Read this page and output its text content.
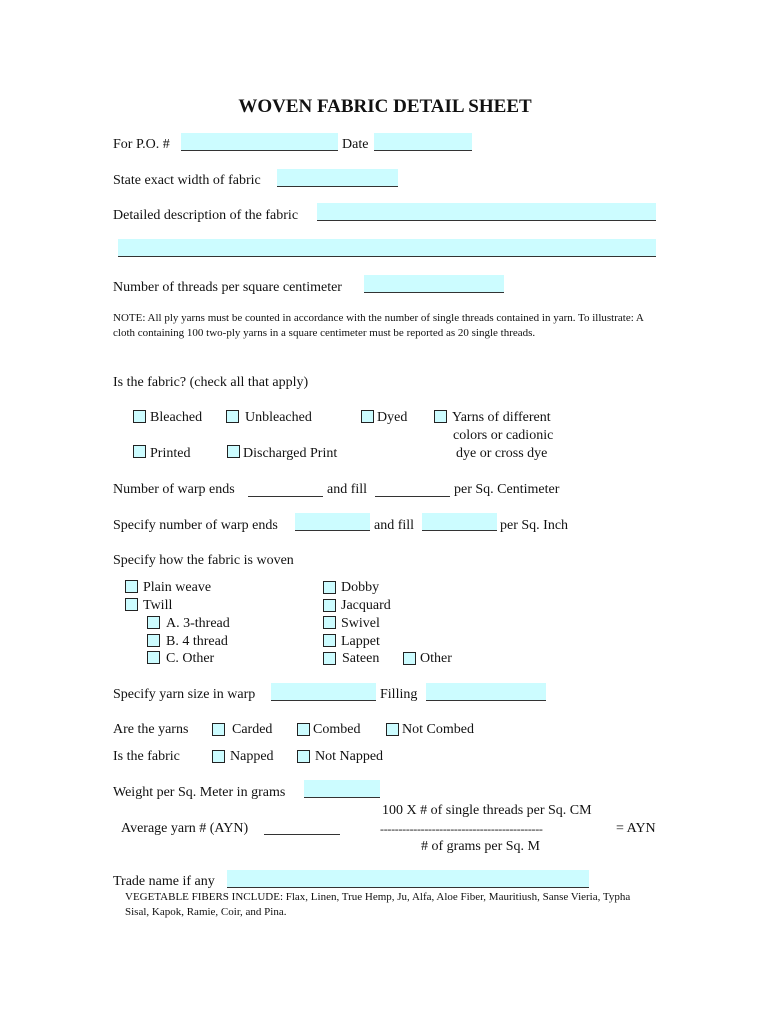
WOVEN FABRIC DETAIL SHEET
For P.O. #	Date
State exact width of fabric
Detailed description of the fabric
Number of threads per square centimeter
NOTE: All ply yarns must be counted in accordance with the number of single threads contained in yarn. To illustrate: A cloth containing 100 two-ply yarns in a square centimeter must be reported as 20 single threads.
Is the fabric? (check all that apply)
Bleached	Unbleached	Dyed	Yarns of different
colors or cadionic
dye or cross dye
Printed	Discharged Print
Number of warp ends	and fill	per Sq. Centimeter
Specify number of warp ends	and fill	per Sq. Inch
Specify how the fabric is woven
Plain weave
Twill
A. 3-thread
B. 4 thread
C. Other
Dobby
Jacquard
Swivel
Lappet
Sateen	Other
Specify yarn size in warp	Filling
Are the yarns	Carded	Combed	Not Combed
Is the fabric	Napped	Not Napped
Weight per Sq. Meter in grams
100 X # of single threads per Sq. CM
Average yarn # (AYN)	--------------------------------------------	= AYN
# of grams per Sq. M
Trade name if any
VEGETABLE FIBERS INCLUDE: Flax, Linen, True Hemp, Ju, Alfa, Aloe Fiber, Mauritiush, Sanse Vieria, Typha Sisal, Kapok, Ramie, Coir, and Pina.
